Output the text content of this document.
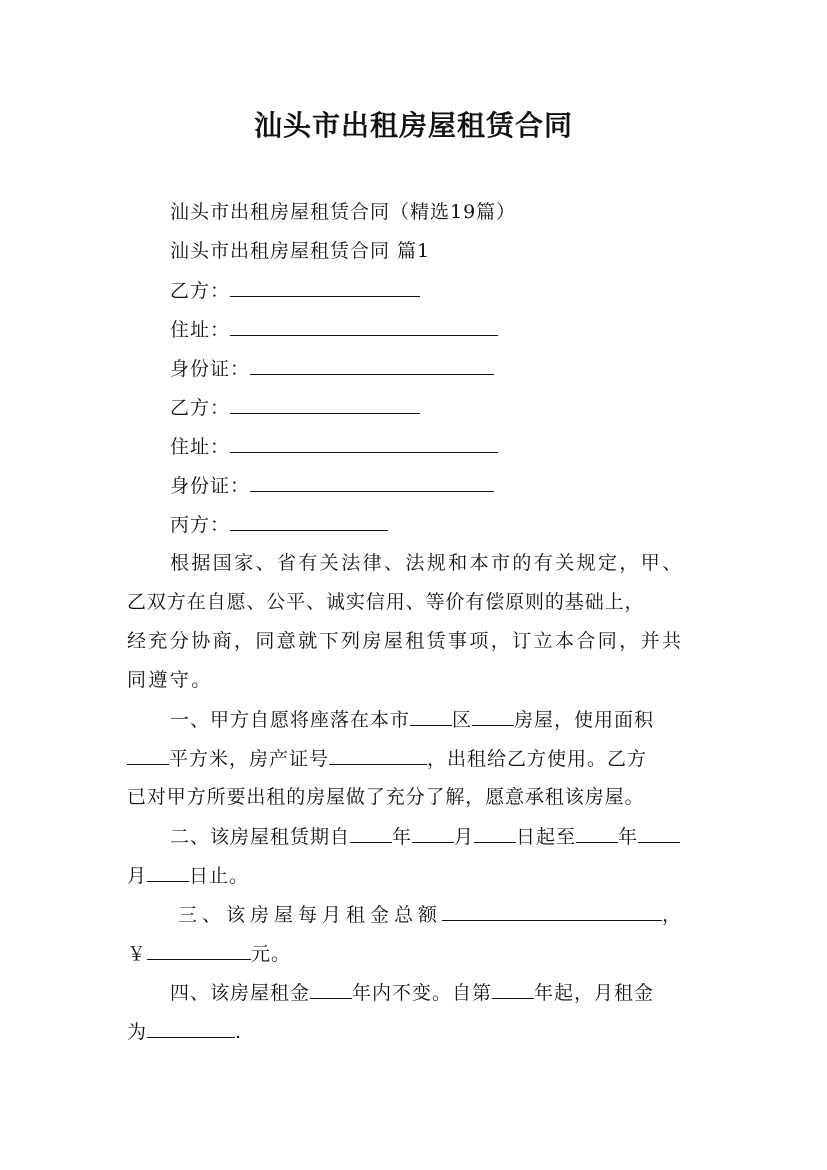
汕头市出租房屋租赁合同
汕头市出租房屋租赁合同（精选19篇）
汕头市出租房屋租赁合同 篇1
乙方：
住址：
身份证：
乙方：
住址：
身份证：
丙方：
根据国家、省有关法律、法规和本市的有关规定，甲、
乙双方在自愿、公平、诚实信用、等价有偿原则的基础上，
经充分协商，同意就下列房屋租赁事项，订立本合同，并共
同遵守。
一、甲方自愿将座落在本市 区 房屋，使用面积
平方米，房产证号	，出租给乙方使用。乙方
已对甲方所要出租的房屋做了充分了解，愿意承租该房屋。
二、该房屋租赁期自 年 月 日起至 年
月 日止。
三、该房屋每月租金总额	，
￥	元。
四、该房屋租金 年内不变。自第 年起，月租金
为	.
